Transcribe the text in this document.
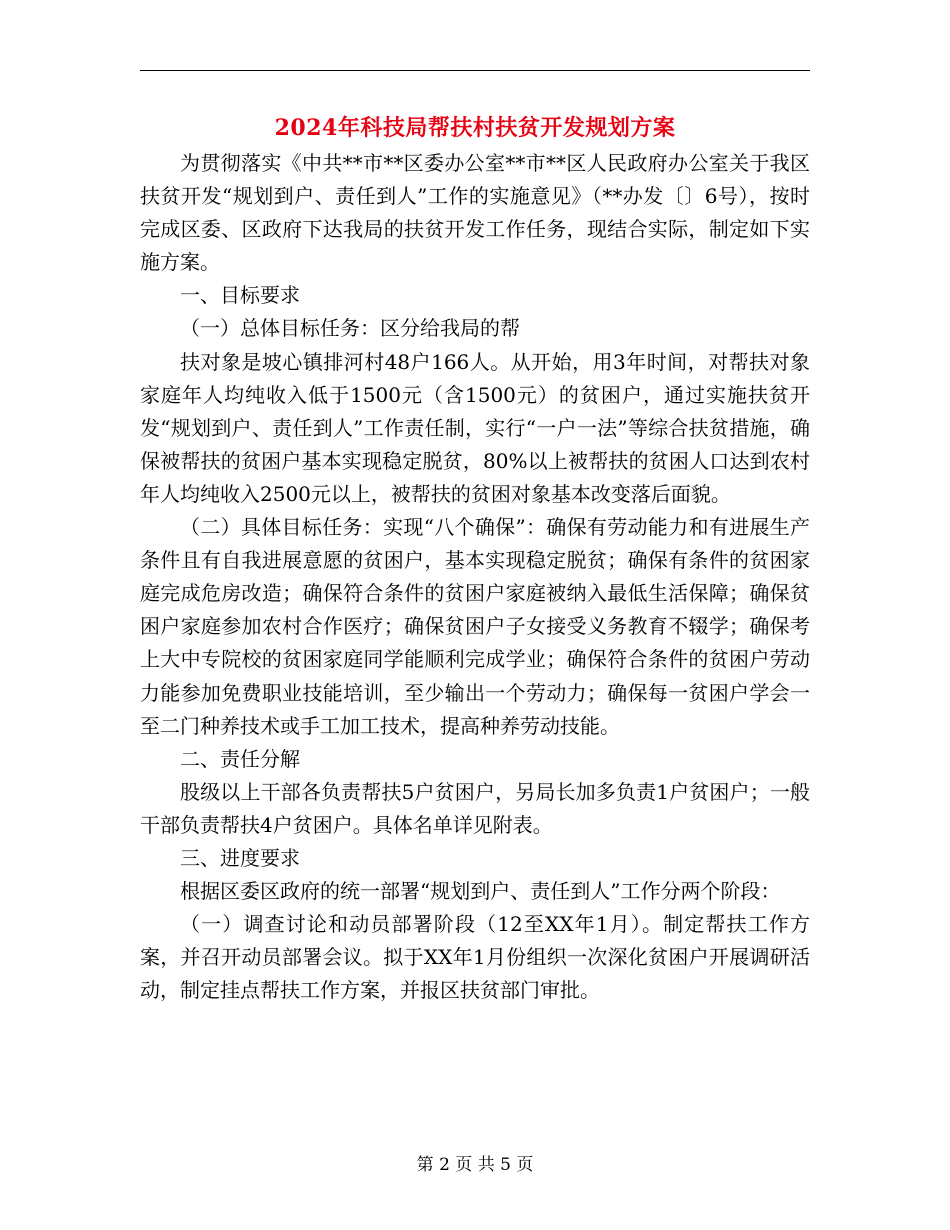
2024年科技局帮扶村扶贫开发规划方案

为贯彻落实《中共**市**区委办公室**市**区人民政府办公室关于我区扶贫开发“规划到户、责任到人”工作的实施意见》（**办发〔〕6号），按时完成区委、区政府下达我局的扶贫开发工作任务，现结合实际，制定如下实施方案。

一、目标要求

（一）总体目标任务：区分给我局的帮

扶对象是坡心镇排河村48户166人。从开始，用3年时间，对帮扶对象家庭年人均纯收入低于1500元（含1500元）的贫困户，通过实施扶贫开发“规划到户、责任到人”工作责任制，实行“一户一法”等综合扶贫措施，确保被帮扶的贫困户基本实现稳定脱贫，80%以上被帮扶的贫困人口达到农村年人均纯收入2500元以上，被帮扶的贫困对象基本改变落后面貌。

（二）具体目标任务：实现“八个确保”：确保有劳动能力和有进展生产条件且有自我进展意愿的贫困户，基本实现稳定脱贫；确保有条件的贫困家庭完成危房改造；确保符合条件的贫困户家庭被纳入最低生活保障；确保贫困户家庭参加农村合作医疗；确保贫困户子女接受义务教育不辍学；确保考上大中专院校的贫困家庭同学能顺利完成学业；确保符合条件的贫困户劳动力能参加免费职业技能培训，至少输出一个劳动力；确保每一贫困户学会一至二门种养技术或手工加工技术，提高种养劳动技能。

二、责任分解

股级以上干部各负责帮扶5户贫困户，另局长加多负责1户贫困户；一般干部负责帮扶4户贫困户。具体名单详见附表。

三、进度要求

根据区委区政府的统一部署“规划到户、责任到人”工作分两个阶段：

（一）调查讨论和动员部署阶段（12至XX年1月）。制定帮扶工作方案，并召开动员部署会议。拟于XX年1月份组织一次深化贫困户开展调研活动，制定挂点帮扶工作方案，并报区扶贫部门审批。

第 2 页 共 5 页
